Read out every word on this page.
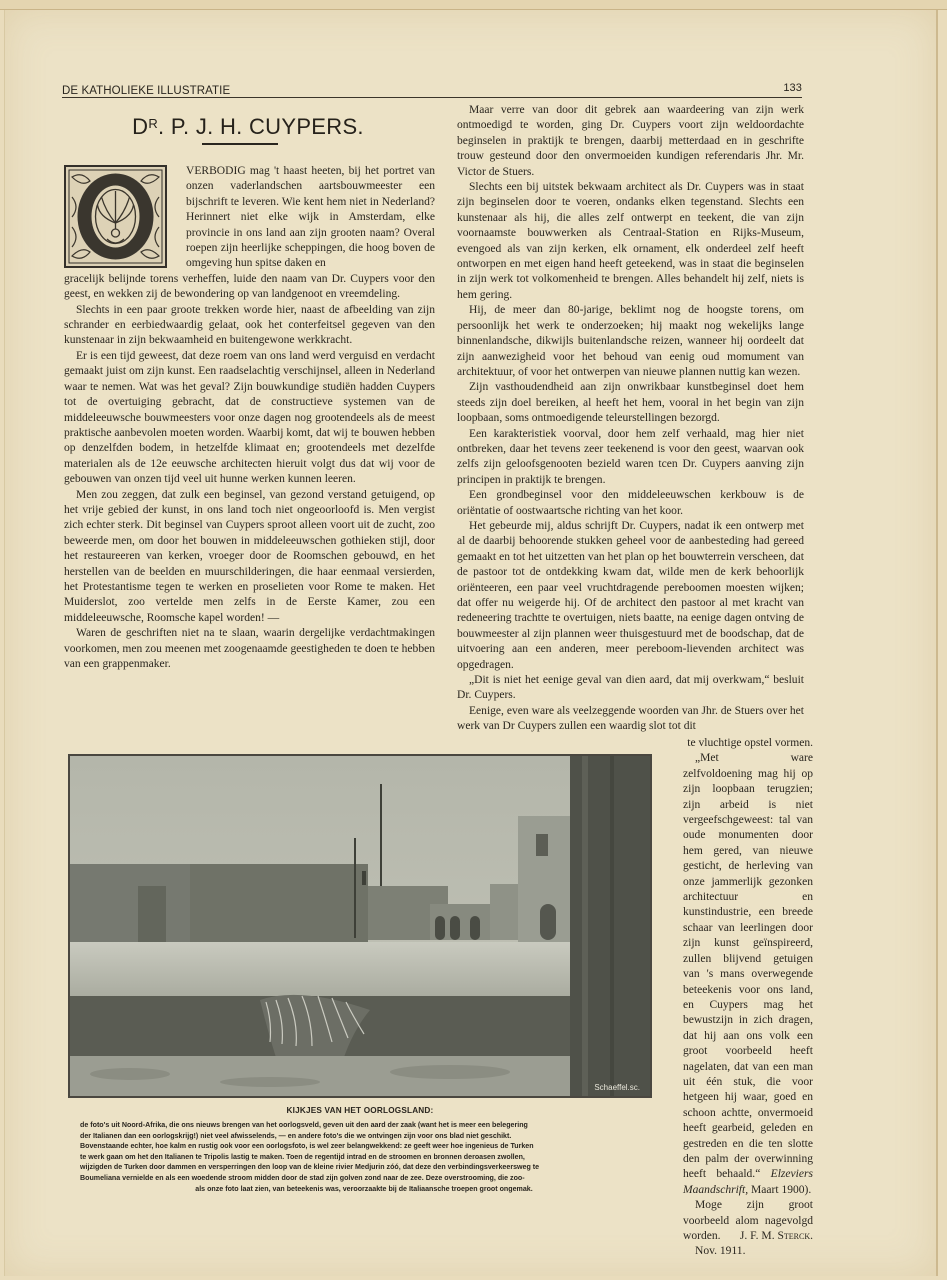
DE KATHOLIEKE ILLUSTRATIE	133
$D^R$. P. J. H. CUYPERS.

VERBODIG mag 't haast heeten, bij het portret van onzen vaderlandschen aartsbouwmeester een bijschrift te leveren. Wie kent hem niet in Nederland? Herinnert niet elke wijk in Amsterdam, elke provincie in ons land aan zijn grooten naam? Overal roepen zijn heerlijke scheppingen, die hoog boven de omgeving hun spitse daken en

gracelijk belijnde torens verheffen, luide den naam van Dr. Cuypers voor den geest, en wekken zij de bewondering op van landgenoot en vreemdeling.

Slechts in een paar groote trekken worde hier, naast de afbeelding van zijn schrander en eerbiedwaardig gelaat, ook het conterfeitsel gegeven van den kunstenaar in zijn bekwaamheid en buitengewone werkkracht.

Er is een tijd geweest, dat deze roem van ons land werd verguisd en verdacht gemaakt juist om zijn kunst. Een raadselachtig verschijnsel, alleen in Nederland waar te nemen. Wat was het geval? Zijn bouwkundige studiën hadden Cuypers tot de overtuiging gebracht, dat de constructieve systemen van de middeleeuwsche bouwmeesters voor onze dagen nog grootendeels als de meest praktische aanbevolen moeten worden. Waarbij komt, dat wij te bouwen hebben op denzelfden bodem, in hetzelfde klimaat en; grootendeels met dezelfde materialen als de 12e eeuwsche architecten hieruit volgt dus dat wij voor de gebouwen van onzen tijd veel uit hunne werken kunnen leeren.

Men zou zeggen, dat zulk een beginsel, van gezond verstand getuigend, op het vrije gebied der kunst, in ons land toch niet ongeoorloofd is. Men vergist zich echter sterk. Dit beginsel van Cuypers sproot alleen voort uit de zucht, zoo beweerde men, om door het bouwen in middeleeuwschen gothieken stijl, door het restaureeren van kerken, vroeger door de Roomschen gebouwd, en het herstellen van de beelden en muurschilderingen, die haar eenmaal versierden, het Protestantisme tegen te werken en proselieten voor Rome te maken. Het Muiderslot, zoo vertelde men zelfs in de Eerste Kamer, zou een middeleeuwsche, Roomsche kapel worden! —

Waren de geschriften niet na te slaan, waarin dergelijke verdachtmakingen voorkomen, men zou meenen met zoogenaamde geestigheden te doen te hebben van een grappenmaker.

Maar verre van door dit gebrek aan waardeering van zijn werk ontmoedigd te worden, ging Dr. Cuypers voort zijn weldoordachte beginselen in praktijk te brengen, daarbij metterdaad en in geschrifte trouw gesteund door den onvermoeiden kundigen referendaris Jhr. Mr. Victor de Stuers.

Slechts een bij uitstek bekwaam architect als Dr. Cuypers was in staat zijn beginselen door te voeren, ondanks elken tegenstand. Slechts een kunstenaar als hij, die alles zelf ontwerpt en teekent, die van zijn voornaamste bouwwerken als Centraal-Station en Rijks-Museum, evengoed als van zijn kerken, elk ornament, elk onderdeel zelf heeft ontworpen en met eigen hand heeft geteekend, was in staat die beginselen in zijn werk tot volkomenheid te brengen. Alles behandelt hij zelf, niets is hem gering.

Hij, de meer dan 80-jarige, beklimt nog de hoogste torens, om persoonlijk het werk te onderzoeken; hij maakt nog wekelijks lange binnenlandsche, dikwijls buitenlandsche reizen, wanneer hij oordeelt dat zijn aanwezigheid voor het behoud van eenig oud momument van architektuur, of voor het ontwerpen van nieuwe plannen nuttig kan wezen.

Zijn vasthoudendheid aan zijn onwrikbaar kunstbeginsel doet hem steeds zijn doel bereiken, al heeft het hem, vooral in het begin van zijn loopbaan, soms ontmoedigende teleurstellingen bezorgd.

Een karakteristiek voorval, door hem zelf verhaald, mag hier niet ontbreken, daar het tevens zeer teekenend is voor den geest, waarvan ook zelfs zijn geloofsgenooten bezield waren tcen Dr. Cuypers aanving zijn principen in praktijk te brengen.

Een grondbeginsel voor den middeleeuwschen kerkbouw is de oriëntatie of oostwaartsche richting van het koor.

Het gebeurde mij, aldus schrijft Dr. Cuypers, nadat ik een ontwerp met al de daarbij behoorende stukken geheel voor de aanbesteding had gereed gemaakt en tot het uitzetten van het plan op het bouwterrein verscheen, dat de pastoor tot de ontdekking kwam dat, wilde men de kerk behoorlijk oriënteeren, een paar veel vruchtdragende pereboomen moesten wijken; dat offer nu weigerde hij. Of de architect den pastoor al met kracht van redeneering trachtte te overtuigen, niets baatte, na eenige dagen ontving de bouwmeester al zijn plannen weer thuisgestuurd met de boodschap, dat de uitvoering aan een anderen, meer pereboom-lievenden architect was opgedragen.

„Dit is niet het eenige geval van dien aard, dat mij overkwam,“ besluit Dr. Cuypers.

Eenige, even ware als veelzeggende woorden van Jhr. de Stuers over het werk van Dr Cuypers zullen een waardig slot tot dit

te vluchtige opstel vormen.

„Met ware zelfvoldoening mag hij op zijn loopbaan terugzien; zijn arbeid is niet vergeefschgeweest: tal van oude monumenten door hem gered, van nieuwe gesticht, de herleving van onze jammerlijk gezonken architectuur en kunstindustrie, een breede schaar van leerlingen door zijn kunst geïnspireerd, zullen blijvend getuigen van 's mans overwegende beteekenis voor ons land, en Cuypers mag het bewustzijn in zich dragen, dat hij aan ons volk een groot voorbeeld heeft nagelaten, dat van een man uit één stuk, die voor hetgeen hij waar, goed en schoon achtte, onvermoeid heeft gearbeid, geleden en gestreden en die ten slotte den palm der overwinning heeft behaald.“ Elzeviers Maandschrift, Maart 1900).

Moge zijn groot voorbeeld alom nagevolgd worden.	J. F. M. Sterck.

Nov. 1911.

Schaeffel.sc.
KIJKJES VAN HET OORLOGSLAND:
de foto's uit Noord-Afrika, die ons nieuws brengen van het oorlogsveld, geven uit den aard der zaak (want het is meer een belegering
der Italianen dan een oorlogskrijg!) niet veel afwisselends, — en andere foto's die we ontvingen zijn voor ons blad niet geschikt.
Bovenstaande echter, hoe kalm en rustig ook voor een oorlogsfoto, is wel zeer belangwekkend: ze geeft weer hoe ingenieus de Turken
te werk gaan om het den Italianen te Tripolis lastig te maken. Toen de regentijd intrad en de stroomen en bronnen deroasen zwollen,
wijzigden de Turken door dammen en versperringen den loop van de kleine rivier Medjurin zóó, dat deze den verbindingsverkeersweg te
Boumeliana vernielde en als een woedende stroom midden door de stad zijn golven zond naar de zee. Deze overstrooming, die zoo-
als onze foto laat zien, van beteekenis was, veroorzaakte bij de Italiaansche troepen groot ongemak.
